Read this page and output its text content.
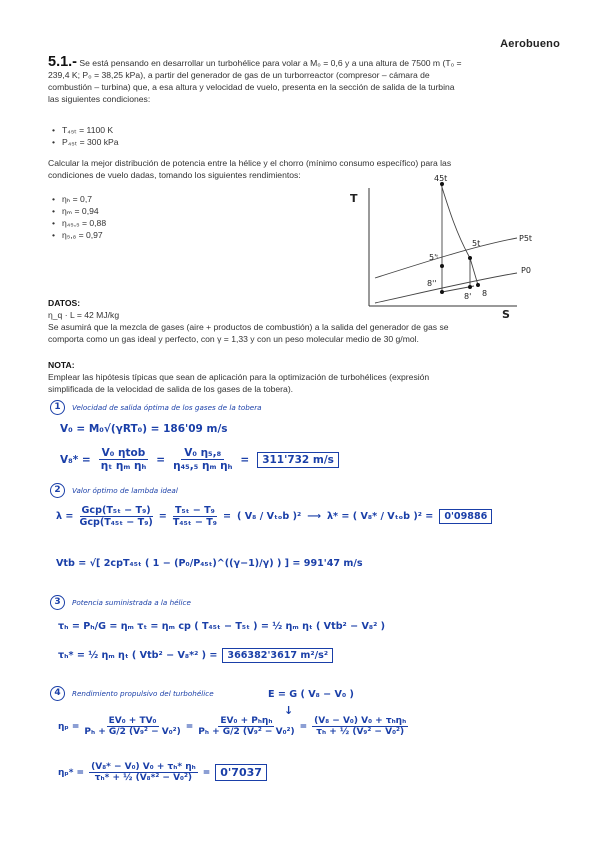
Aerobueno
5.1.- Se está pensando en desarrollar un turbohélice para volar a M₀ = 0,6 y a una altura de 7500 m (T₀ =
239,4 K; P₀ = 38,25 kPa), a partir del generador de gas de un turborreactor (compresor – cámara de
combustión – turbina) que, a esa altura y velocidad de vuelo, presenta en la sección de salida de la turbina
las siguientes condiciones:
• T₄₅ₜ = 1100 K
• P₄₅ₜ = 300 kPa
Calcular la mejor distribución de potencia entre la hélice y el chorro (mínimo consumo específico) para las
condiciones de vuelo dadas, tomando los siguientes rendimientos:
• ηₕ = 0,7
• ηₘ = 0,94
• η₄₅,₅ = 0,88
• η₅,₈ = 0,97
T
S
45t
5t
5'ᵗ
8''
8' 8
P5t
P0
DATOS:
η_q · L = 42 MJ/kg
Se asumirá que la mezcla de gases (aire + productos de combustión) a la salida del generador de gas se
comporta como un gas ideal y perfecto, con γ = 1,33 y con un peso molecular medio de 30 g/mol.
NOTA:
Emplear las hipótesis típicas que sean de aplicación para la optimización de turbohélices (expresión
simplificada de la velocidad de salida de los gases de la tobera).
1	Velocidad de salida óptima de los gases de la tobera
V₀ = M₀√(γRT₀) = 186'09 m/s
V₈* =
V₀ ηtob
ηₜ ηₘ ηₕ
= $\frac{\text{V₀ η₅,₈}}{\text{η₄₅,₅ ηₘ ηₕ}}$ =	311'732 m/s
2	Valor óptimo de lambda ideal
λ =
Gcp(T₅ₜ − T₉)
Gcp(T₄₅ₜ − T₉)
= $\frac{\text{T₅ₜ − T₉}}{\text{T₄₅ₜ − T₉}}$ = ( V₈ / Vₜₒb )² ⟶ λ* = ( V₈* / Vₜₒb )² =	0'09886
Vtb = √[ 2cpT₄₅ₜ ( 1 − (P₀/P₄₅ₜ)^((γ−1)/γ) ) ] = 991'47 m/s
3	Potencia suministrada a la hélice
τₕ = Pₕ/G = ηₘ τₜ = ηₘ cp ( T₄₅ₜ − T₅ₜ ) = ½ ηₘ ηₜ ( Vtb² − V₈² )
τₕ* = ½ ηₘ ηₜ ( Vtb² − V₈*² ) =	366382'3617 m²/s²
4	Rendimiento propulsivo del turbohélice	E = G ( V₈ − V₀ )
↓
$\eta_p = \frac{\text{EV₀ + TV₀}}{\text{Pₕ + G/2 (V₉² − V₀²)}}$ =
EV₀ + Pₕηₕ
Pₕ + G/2 (V₉² − V₀²)
=
(V₈ − V₀) V₀ + τₕηₕ
τₕ + ½ (V₉² − V₀²)
$\eta_p* = \frac{\text{(V₈* − V₀) V₀ + τₕ* ηₕ}}{\text{τₕ* + ½ (V₈*² − V₀²)}} = 0'7037$
